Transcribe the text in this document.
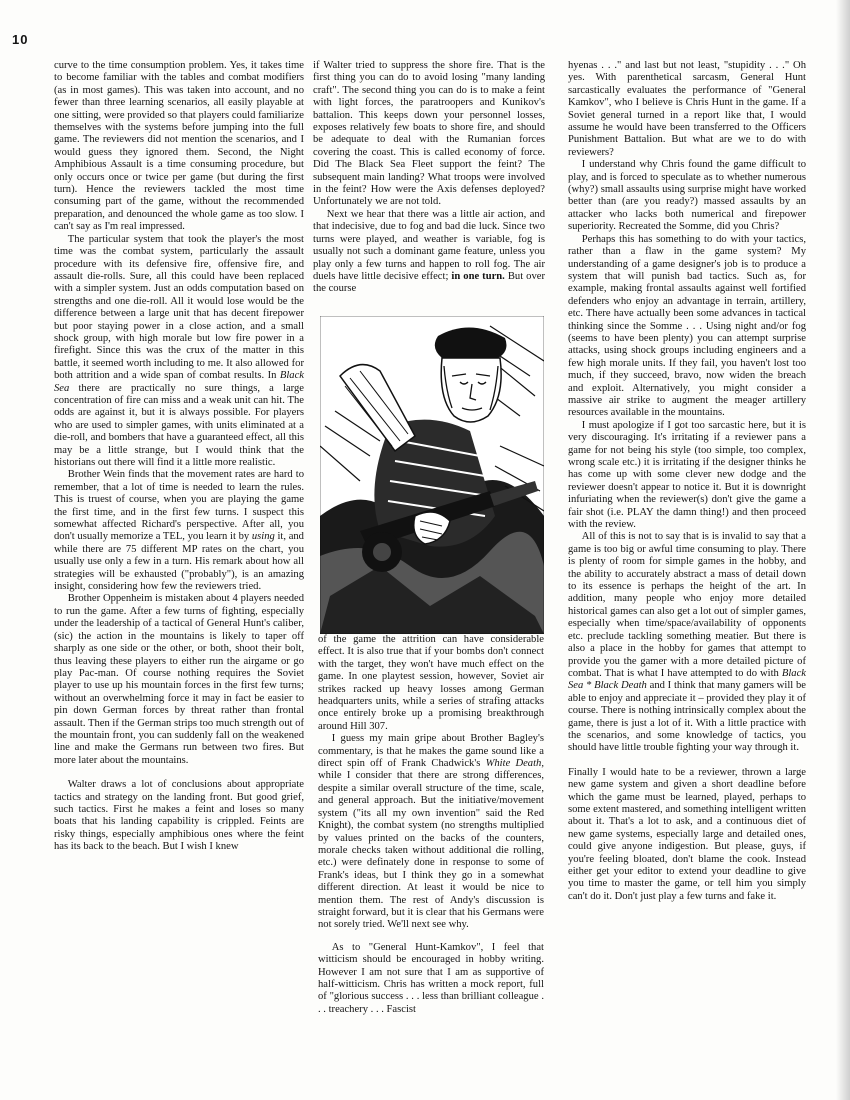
10

curve to the time consumption problem. Yes, it takes time to become familiar with the tables and combat modifiers (as in most games). This was taken into account, and no fewer than three learning scenarios, all easily playable at one sitting, were provided so that players could familiarize themselves with the systems before jumping into the full game. The reviewers did not mention the scenarios, and I would guess they ignored them. Second, the Night Amphibious Assault is a time consuming procedure, but only occurs once or twice per game (but during the first turn). Hence the reviewers tackled the most time consuming part of the game, without the recommended preparation, and denounced the whole game as too slow. I can't say as I'm real impressed.

The particular system that took the player's the most time was the combat system, particularly the assault procedure with its defensive fire, offensive fire, and assault die-rolls. Sure, all this could have been replaced with a simpler system. Just an odds computation based on strengths and one die-roll. All it would lose would be the difference between a large unit that has decent firepower but poor staying power in a close action, and a small shock group, with high morale but low fire power in a firefight. Since this was the crux of the matter in this battle, it seemed worth including to me. It also allowed for both attrition and a wide span of combat results. In Black Sea there are practically no sure things, a large concentration of fire can miss and a weak unit can hit. The odds are against it, but it is always possible. For players who are used to simpler games, with units eliminated at a die-roll, and bombers that have a guaranteed effect, all this may be a little strange, but I would think that the historians out there will find it a little more realistic.

Brother Wein finds that the movement rates are hard to remember, that a lot of time is needed to learn the rules. This is truest of course, when you are playing the game the first time, and in the first few turns. I suspect this somewhat affected Richard's perspective. After all, you don't usually memorize a TEL, you learn it by using it, and while there are 75 different MP rates on the chart, you usually use only a few in a turn. His remark about how all strategies will be exhausted ("probably"), is an amazing insight, considering how few the reviewers tried.

Brother Oppenheim is mistaken about 4 players needed to run the game. After a few turns of fighting, especially under the leadership of a tactical of General Hunt's caliber, (sic) the action in the mountains is likely to taper off sharply as one side or the other, or both, shoot their bolt, thus leaving these players to either run the airgame or go play Pac-man. Of course nothing requires the Soviet player to use up his mountain forces in the first few turns; without an overwhelming force it may in fact be easier to pin down German forces by threat rather than frontal assault. Then if the German strips too much strength out of the mountain front, you can suddenly fall on the weakened line and make the Germans run between two fires. But more later about the mountains.

Walter draws a lot of conclusions about appropriate tactics and strategy on the landing front. But good grief, such tactics. First he makes a feint and loses so many boats that his landing capability is crippled. Feints are risky things, especially amphibious ones where the feint has its back to the beach. But I wish I knew

if Walter tried to suppress the shore fire. That is the first thing you can do to avoid losing "many landing craft". The second thing you can do is to make a feint with light forces, the paratroopers and Kunikov's battalion. This keeps down your personnel losses, exposes relatively few boats to shore fire, and should be adequate to deal with the Rumanian forces covering the coast. This is called economy of force. Did The Black Sea Fleet support the feint? The subsequent main landing? What troops were involved in the feint? How were the Axis defenses deployed? Unfortunately we are not told.

Next we hear that there was a little air action, and that indecisive, due to fog and bad die luck. Since two turns were played, and weather is variable, fog is usually not such a dominant game feature, unless you play only a few turns and happen to roll fog. The air duels have little decisive effect; in one turn. But over the course

of the game the attrition can have considerable effect. It is also true that if your bombs don't connect with the target, they won't have much effect on the game. In one playtest session, however, Soviet air strikes racked up heavy losses among German headquarters units, while a series of strafing attacks once entirely broke up a promising breakthrough around Hill 307.

I guess my main gripe about Brother Bagley's commentary, is that he makes the game sound like a direct spin off of Frank Chadwick's White Death, while I consider that there are strong differences, despite a similar overall structure of the time, scale, and general approach. But the initiative/movement system ("its all my own invention" said the Red Knight), the combat system (no strengths multiplied by values printed on the backs of the counters, morale checks taken without additional die rolling, etc.) were definately done in response to some of Frank's ideas, but I think they go in a somewhat different direction. At least it would be nice to mention them. The rest of Andy's discussion is straight forward, but it is clear that his Germans were not sorely tried. We'll next see why.

As to "General Hunt-Kamkov", I feel that witticism should be encouraged in hobby writing. However I am not sure that I am as supportive of half-witticism. Chris has written a mock report, full of "glorious success . . . less than brilliant colleague . . . treachery . . . Fascist

hyenas . . ." and last but not least, "stupidity . . ." Oh yes. With parenthetical sarcasm, General Hunt sarcastically evaluates the performance of "General Kamkov", who I believe is Chris Hunt in the game. If a Soviet general turned in a report like that, I would assume he would have been transferred to the Officers Punishment Battalion. But what are we to do with reviewers?

I understand why Chris found the game difficult to play, and is forced to speculate as to whether numerous (why?) small assaults using surprise might have worked better than (are you ready?) massed assaults by an attacker who lacks both numerical and firepower superiority. Recreated the Somme, did you Chris?

Perhaps this has something to do with your tactics, rather than a flaw in the game system? My understanding of a game designer's job is to produce a system that will punish bad tactics. Such as, for example, making frontal assaults against well fortified defenders who enjoy an advantage in terrain, artillery, etc. There have actually been some advances in tactical thinking since the Somme . . . Using night and/or fog (seems to have been plenty) you can attempt surprise attacks, using shock groups including engineers and a few high morale units. If they fail, you haven't lost too much, if they succeed, bravo, now widen the breach and exploit. Alternatively, you might consider a massive air strike to augment the meager artillery resources available in the mountains.

I must apologize if I got too sarcastic here, but it is very discouraging. It's irritating if a reviewer pans a game for not being his style (too simple, too complex, wrong scale etc.) it is irritating if the designer thinks he has come up with some clever new dodge and the reviewer doesn't appear to notice it. But it is downright infuriating when the reviewer(s) don't give the game a fair shot (i.e. PLAY the damn thing!) and then proceed with the review.

All of this is not to say that is is invalid to say that a game is too big or awful time consuming to play. There is plenty of room for simple games in the hobby, and the ability to accurately abstract a mass of detail down to its essence is perhaps the height of the art. In addition, many people who enjoy more detailed historical games can also get a lot out of simpler games, especially when time/space/availability of opponents etc. preclude tackling something meatier. But there is also a place in the hobby for games that attempt to provide you the gamer with a more detailed picture of combat. That is what I have attempted to do with Black Sea * Black Death and I think that many gamers will be able to enjoy and appreciate it – provided they play it of course. There is nothing intrinsically complex about the game, there is just a lot of it. With a little practice with the scenarios, and some knowledge of tactics, you should have little trouble fighting your way through it.

Finally I would hate to be a reviewer, thrown a large new game system and given a short deadline before which the game must be learned, played, perhaps to some extent mastered, and something intelligent written about it. That's a lot to ask, and a continuous diet of new game systems, especially large and detailed ones, could give anyone indigestion. But please, guys, if you're feeling bloated, don't blame the cook. Instead either get your editor to extend your deadline to give you time to master the game, or tell him you simply can't do it. Don't just play a few turns and fake it.
